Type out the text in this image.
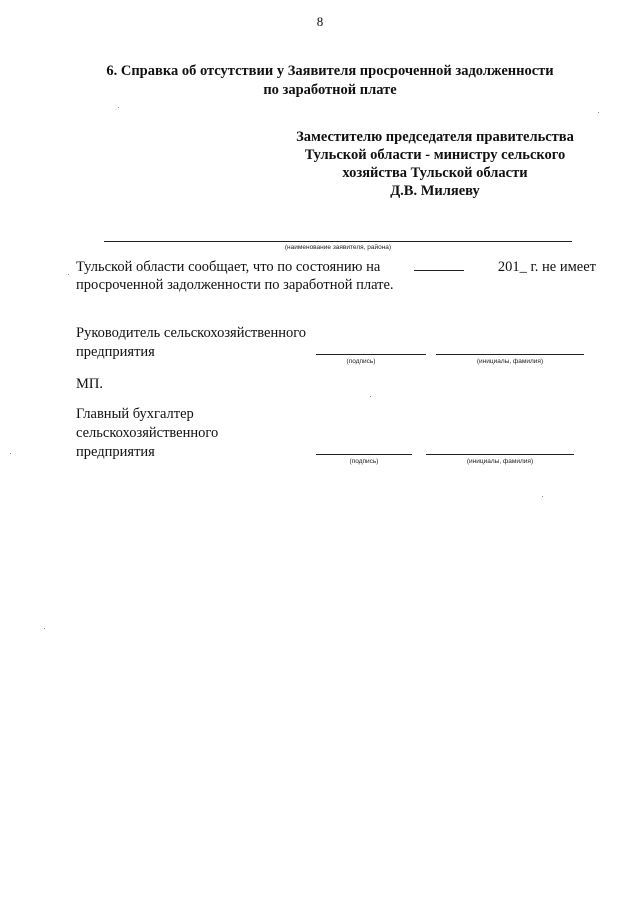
8
6. Справка об отсутствии у Заявителя просроченной задолженности
по заработной плате
Заместителю председателя правительства
Тульской области - министру сельского
хозяйства Тульской области
Д.В. Миляеву
(наименование заявителя, района)
Тульской области сообщает, что по состоянию на	201_ г. не имеет
просроченной задолженности по заработной плате.
Руководитель сельскохозяйственного
предприятия
(подпись)	(инициалы, фамилия)
МП.
Главный бухгалтер
сельскохозяйственного
предприятия
(подпись)	(инициалы, фамилия)
